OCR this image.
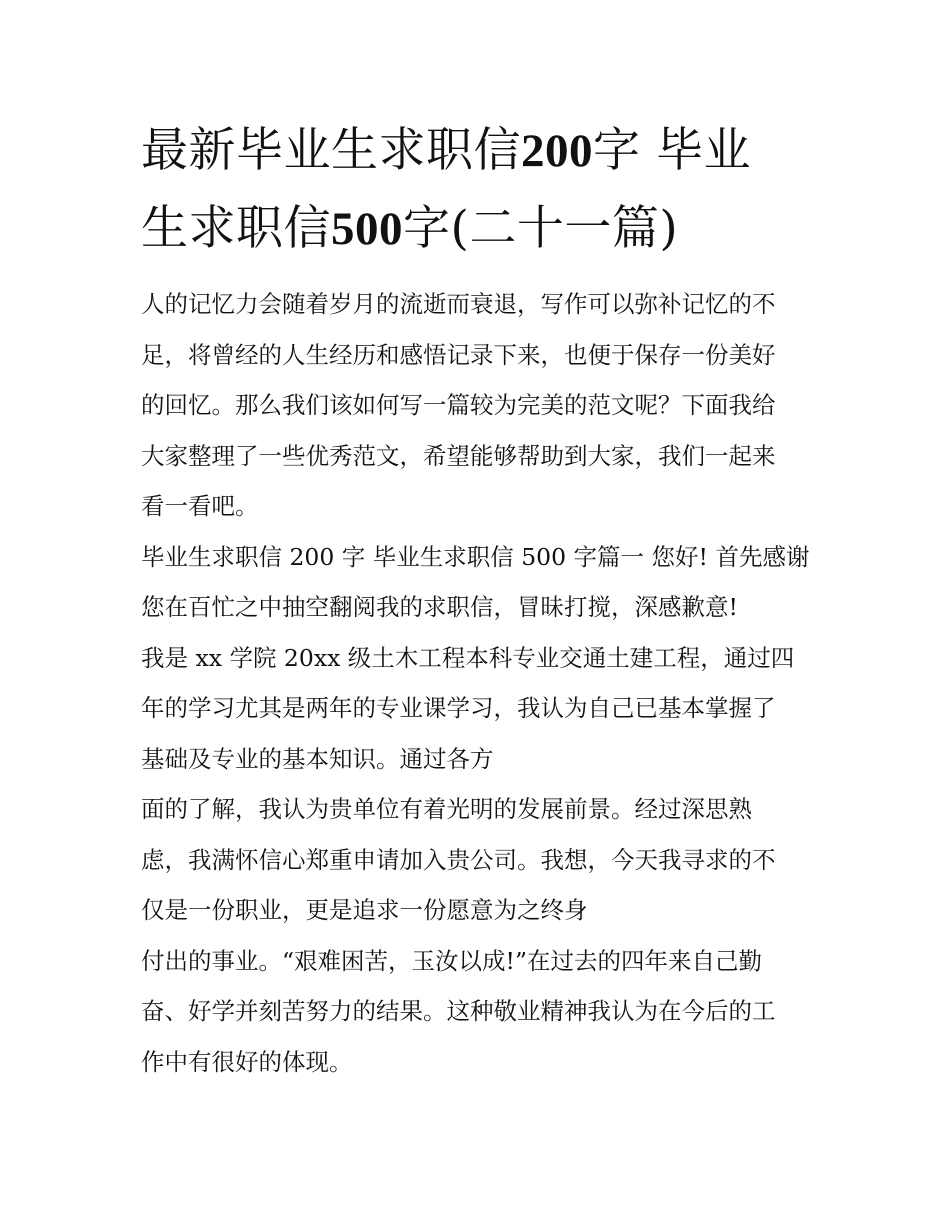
最新毕业生求职信200字 毕业

生求职信500字(二十一篇)

人的记忆力会随着岁月的流逝而衰退，写作可以弥补记忆的不

足，将曾经的人生经历和感悟记录下来，也便于保存一份美好

的回忆。那么我们该如何写一篇较为完美的范文呢？下面我给

大家整理了一些优秀范文，希望能够帮助到大家，我们一起来

看一看吧。

毕业生求职信 200 字 毕业生求职信 500 字篇一 您好! 首先感谢

您在百忙之中抽空翻阅我的求职信，冒昧打搅，深感歉意!

我是 xx 学院 20xx 级土木工程本科专业交通土建工程，通过四

年的学习尤其是两年的专业课学习，我认为自己已基本掌握了

基础及专业的基本知识。通过各方

面的了解，我认为贵单位有着光明的发展前景。经过深思熟

虑，我满怀信心郑重申请加入贵公司。我想，今天我寻求的不

仅是一份职业，更是追求一份愿意为之终身

付出的事业。“艰难困苦，玉汝以成!”在过去的四年来自己勤

奋、好学并刻苦努力的结果。这种敬业精神我认为在今后的工

作中有很好的体现。
